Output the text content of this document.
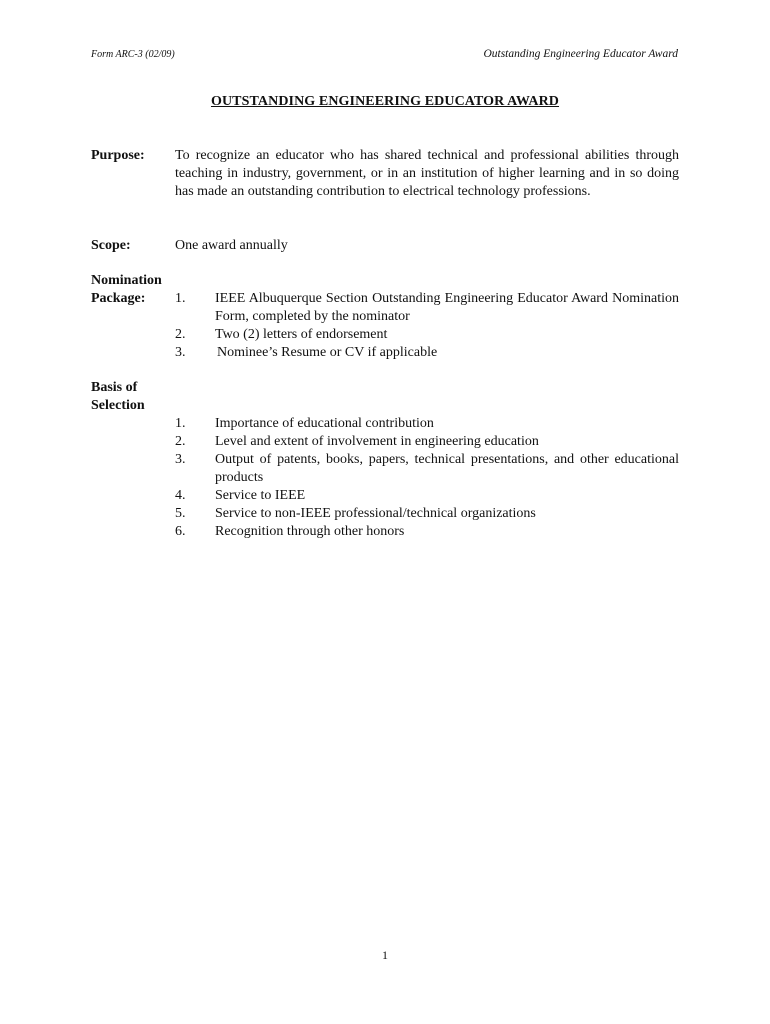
Form ARC-3 (02/09)	Outstanding Engineering Educator Award
OUTSTANDING ENGINEERING EDUCATOR AWARD
Purpose: To recognize an educator who has shared technical and professional abilities through teaching in industry, government, or in an institution of higher learning and in so doing has made an outstanding contribution to electrical technology professions.
Scope:	One award annually
Nomination
Package: 1. IEEE Albuquerque Section Outstanding Engineering Educator Award Nomination Form, completed by the nominator
2. Two (2) letters of endorsement
3. Nominee’s Resume or CV if applicable
Basis of
Selection
1. Importance of educational contribution
2. Level and extent of involvement in engineering education
3. Output of patents, books, papers, technical presentations, and other educational products
4. Service to IEEE
5. Service to non-IEEE professional/technical organizations
6. Recognition through other honors
1
